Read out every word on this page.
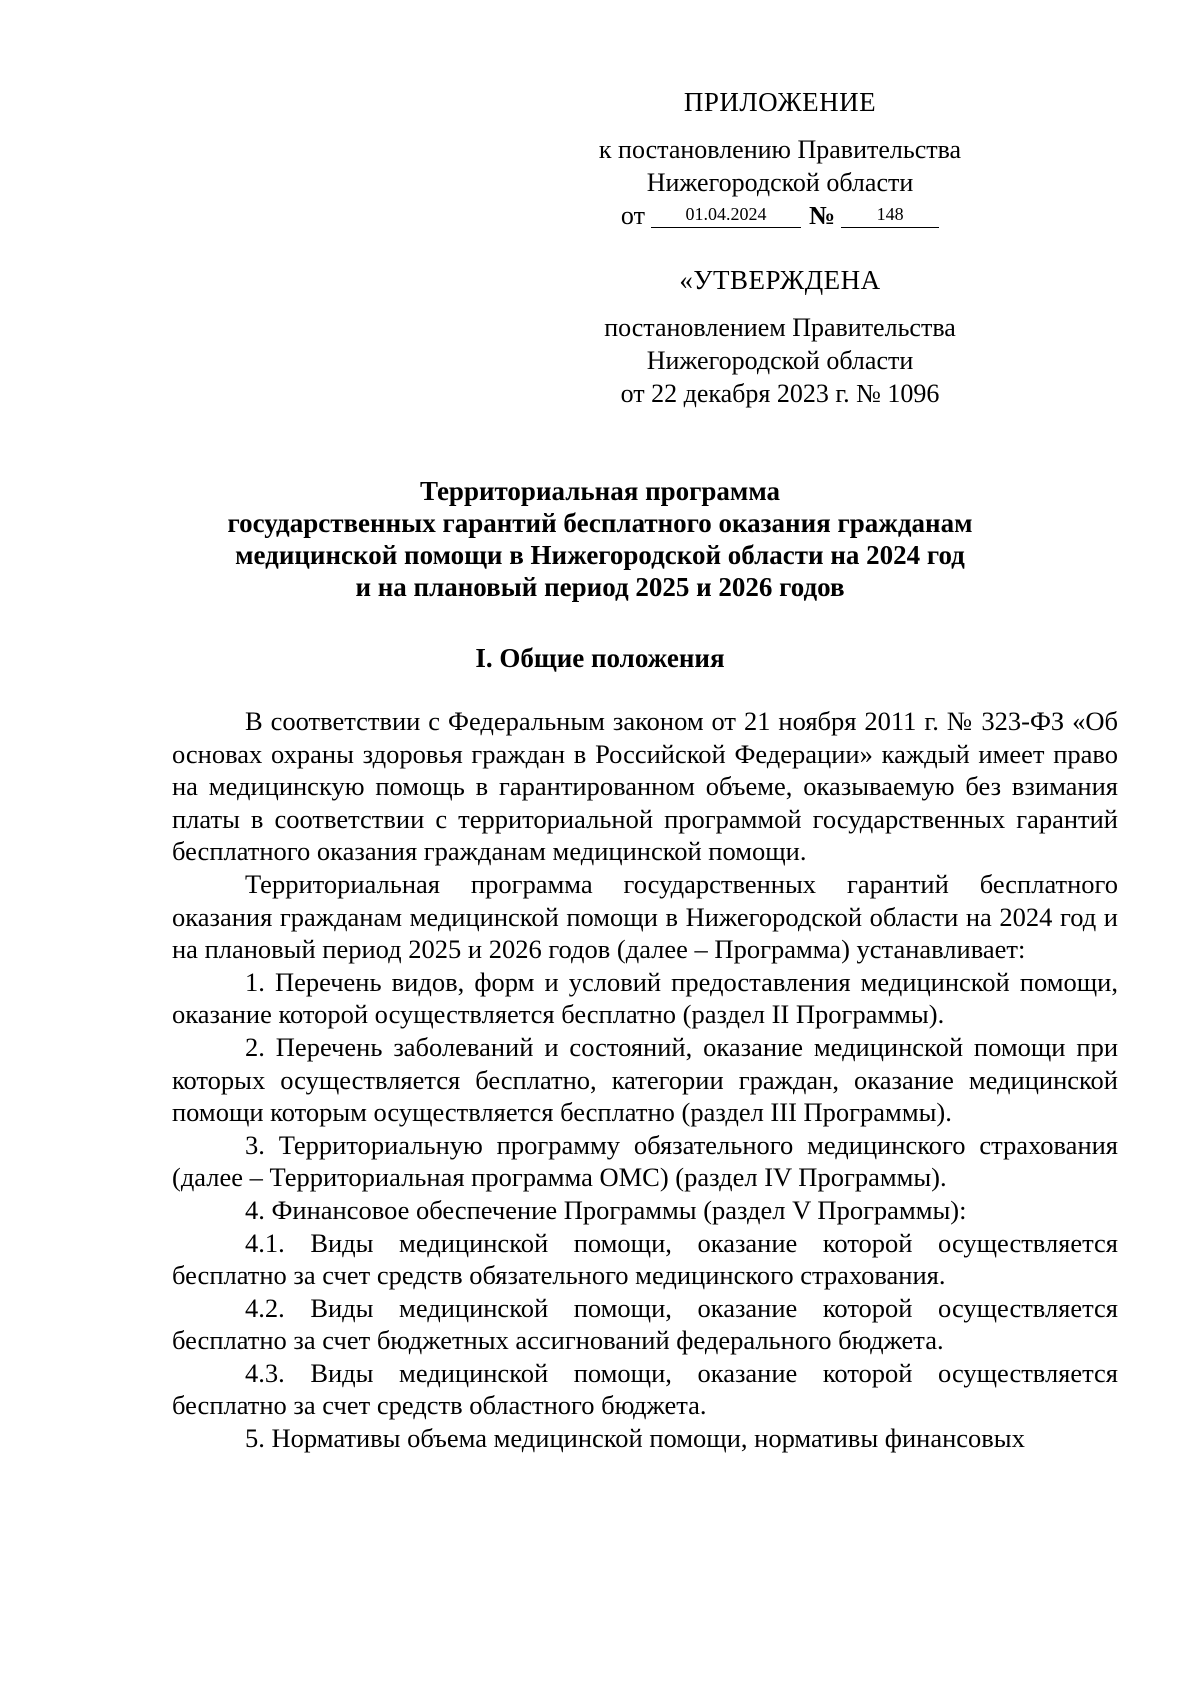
ПРИЛОЖЕНИЕ
к постановлению Правительства
Нижегородской области
от	01.04.2024	№	148
«УТВЕРЖДЕНА
постановлением Правительства
Нижегородской области
от 22 декабря 2023 г. № 1096
Территориальная программа
государственных гарантий бесплатного оказания гражданам
медицинской помощи в Нижегородской области на 2024 год
и на плановый период 2025 и 2026 годов
I. Общие положения

В соответствии с Федеральным законом от 21 ноября 2011 г. № 323-ФЗ «Об основах охраны здоровья граждан в Российской Федерации» каждый имеет право на медицинскую помощь в гарантированном объеме, оказываемую без взимания платы в соответствии с территориальной программой государственных гарантий бесплатного оказания гражданам медицинской помощи.

Территориальная программа государственных гарантий бесплатного оказания гражданам медицинской помощи в Нижегородской области на 2024 год и на плановый период 2025 и 2026 годов (далее – Программа) устанавливает:

1. Перечень видов, форм и условий предоставления медицинской помощи, оказание которой осуществляется бесплатно (раздел II Программы).

2. Перечень заболеваний и состояний, оказание медицинской помощи при которых осуществляется бесплатно, категории граждан, оказание медицинской помощи которым осуществляется бесплатно (раздел III Программы).

3. Территориальную программу обязательного медицинского страхования (далее – Территориальная программа ОМС) (раздел IV Программы).

4. Финансовое обеспечение Программы (раздел V Программы):

4.1. Виды медицинской помощи, оказание которой осуществляется бесплатно за счет средств обязательного медицинского страхования.

4.2. Виды медицинской помощи, оказание которой осуществляется бесплатно за счет бюджетных ассигнований федерального бюджета.

4.3. Виды медицинской помощи, оказание которой осуществляется бесплатно за счет средств областного бюджета.

5. Нормативы объема медицинской помощи, нормативы финансовых
